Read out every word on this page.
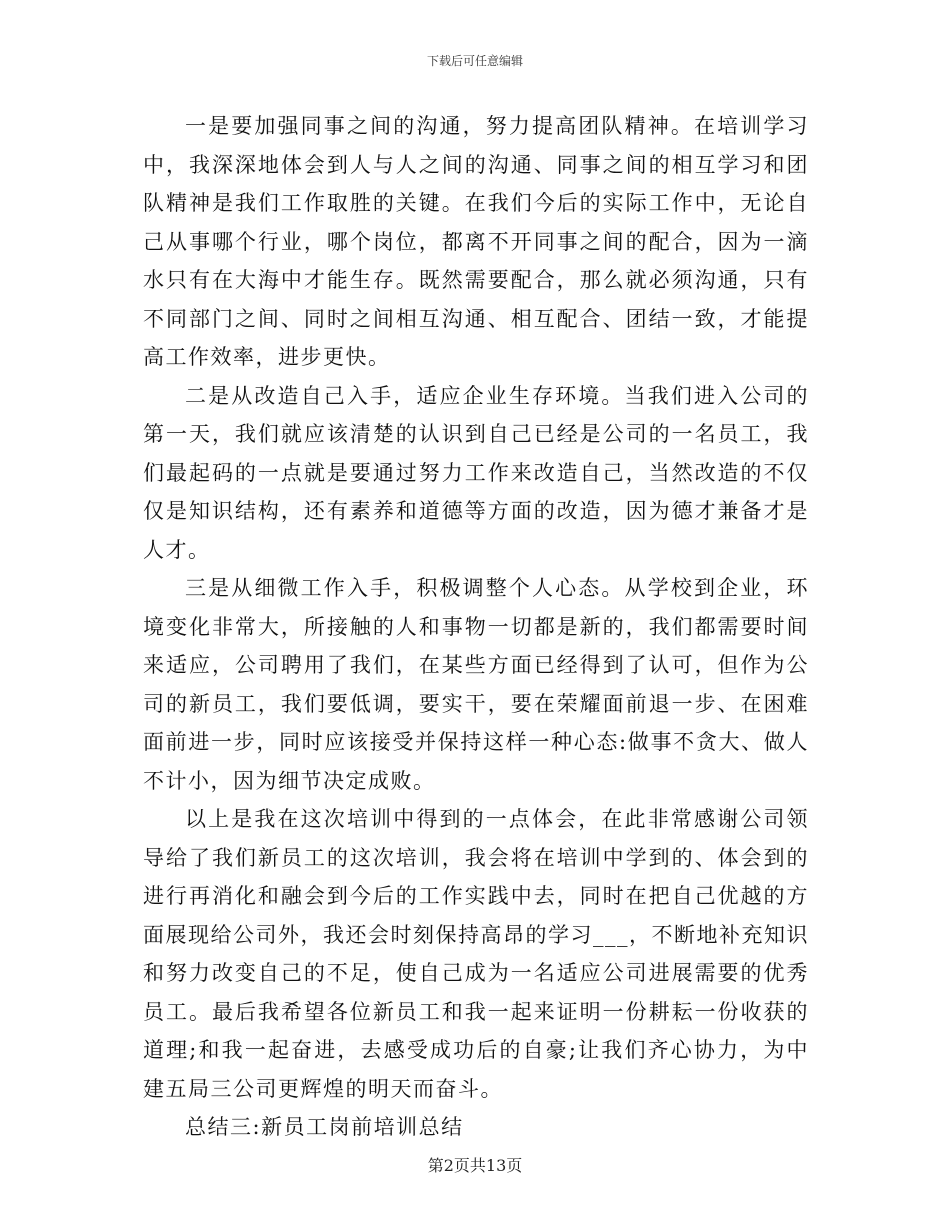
下载后可任意编辑

一是要加强同事之间的沟通，努力提高团队精神。在培训学习中，我深深地体会到人与人之间的沟通、同事之间的相互学习和团队精神是我们工作取胜的关键。在我们今后的实际工作中，无论自己从事哪个行业，哪个岗位，都离不开同事之间的配合，因为一滴水只有在大海中才能生存。既然需要配合，那么就必须沟通，只有不同部门之间、同时之间相互沟通、相互配合、团结一致，才能提高工作效率，进步更快。

二是从改造自己入手，适应企业生存环境。当我们进入公司的第一天，我们就应该清楚的认识到自己已经是公司的一名员工，我们最起码的一点就是要通过努力工作来改造自己，当然改造的不仅仅是知识结构，还有素养和道德等方面的改造，因为德才兼备才是人才。

三是从细微工作入手，积极调整个人心态。从学校到企业，环境变化非常大，所接触的人和事物一切都是新的，我们都需要时间来适应，公司聘用了我们，在某些方面已经得到了认可，但作为公司的新员工，我们要低调，要实干，要在荣耀面前退一步、在困难面前进一步，同时应该接受并保持这样一种心态:做事不贪大、做人不计小，因为细节决定成败。

以上是我在这次培训中得到的一点体会，在此非常感谢公司领导给了我们新员工的这次培训，我会将在培训中学到的、体会到的进行再消化和融会到今后的工作实践中去，同时在把自己优越的方面展现给公司外，我还会时刻保持高昂的学习___，不断地补充知识和努力改变自己的不足，使自己成为一名适应公司进展需要的优秀员工。最后我希望各位新员工和我一起来证明一份耕耘一份收获的道理;和我一起奋进，去感受成功后的自豪;让我们齐心协力，为中建五局三公司更辉煌的明天而奋斗。

总结三:新员工岗前培训总结

第2页共13页
